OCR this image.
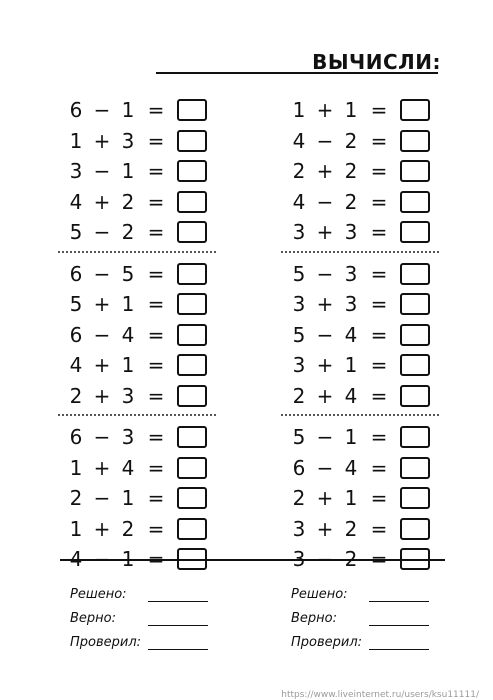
ВЫЧИСЛИ:
6 − 1 =
1 + 3 =
3 − 1 =
4 + 2 =
5 − 2 =
6 − 5 =
5 + 1 =
6 − 4 =
4 + 1 =
2 + 3 =
6 − 3 =
1 + 4 =
2 − 1 =
1 + 2 =
4 − 1 =
1 + 1 =
4 − 2 =
2 + 2 =
4 − 2 =
3 + 3 =
5 − 3 =
3 + 3 =
5 − 4 =
3 + 1 =
2 + 4 =
5 − 1 =
6 − 4 =
2 + 1 =
3 + 2 =
3 − 2 =
Решено:
Верно:
Проверил:
Решено:
Верно:
Проверил:
https://www.liveinternet.ru/users/ksu11111/
